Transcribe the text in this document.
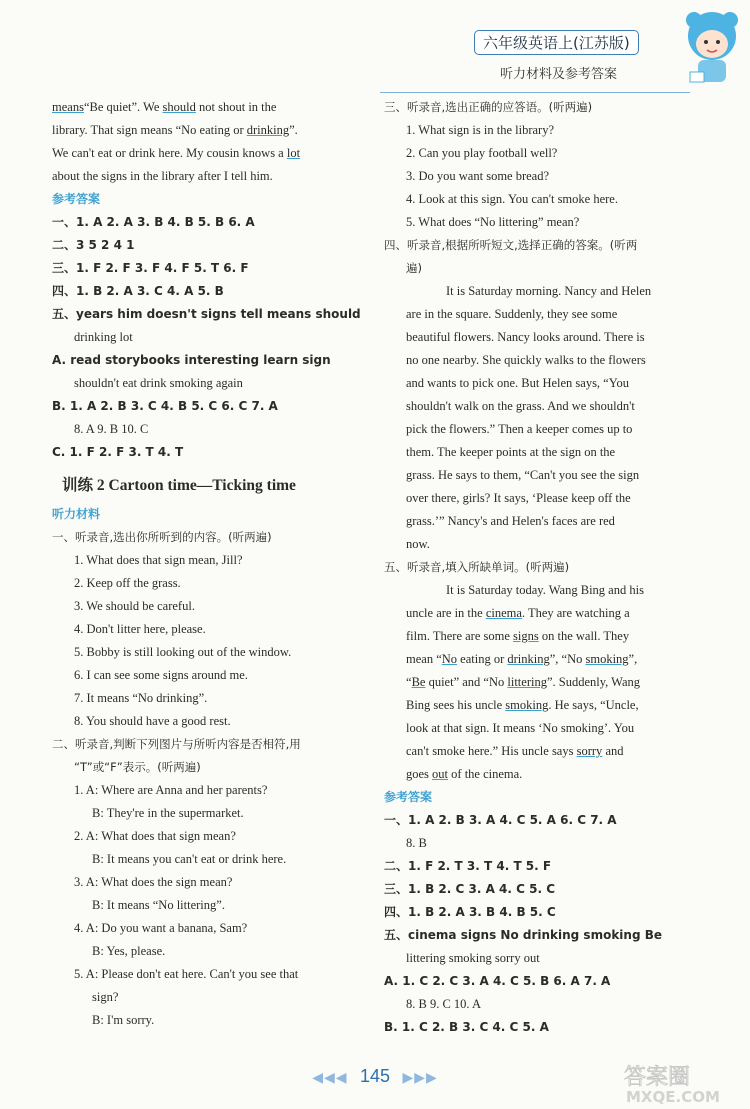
六年级英语上(江苏版)
听力材料及参考答案
means“Be quiet”. We should not shout in the
library. That sign means “No eating or drinking”.
We can't eat or drink here. My cousin knows a lot
about the signs in the library after I tell him.
参考答案
一、1. A 2. A 3. B 4. B 5. B 6. A
二、3 5 2 4 1
三、1. F 2. F 3. F 4. F 5. T 6. F
四、1. B 2. A 3. C 4. A 5. B
五、years him doesn't signs tell means should
drinking lot
A. read storybooks interesting learn sign
shouldn't eat drink smoking again
B. 1. A 2. B 3. C 4. B 5. C 6. C 7. A
8. A 9. B 10. C
C. 1. F 2. F 3. T 4. T
训练 2 Cartoon time—Ticking time
听力材料
一、听录音,选出你所听到的内容。(听两遍)
1. What does that sign mean, Jill?
2. Keep off the grass.
3. We should be careful.
4. Don't litter here, please.
5. Bobby is still looking out of the window.
6. I can see some signs around me.
7. It means “No drinking”.
8. You should have a good rest.
二、听录音,判断下列图片与所听内容是否相符,用
“T”或“F”表示。(听两遍)
1. A: Where are Anna and her parents?
B: They're in the supermarket.
2. A: What does that sign mean?
B: It means you can't eat or drink here.
3. A: What does the sign mean?
B: It means “No littering”.
4. A: Do you want a banana, Sam?
B: Yes, please.
5. A: Please don't eat here. Can't you see that
sign?
B: I'm sorry.
三、听录音,选出正确的应答语。(听两遍)
1. What sign is in the library?
2. Can you play football well?
3. Do you want some bread?
4. Look at this sign. You can't smoke here.
5. What does “No littering” mean?
四、听录音,根据所听短文,选择正确的答案。(听两
遍)
It is Saturday morning. Nancy and Helen
are in the square. Suddenly, they see some
beautiful flowers. Nancy looks around. There is
no one nearby. She quickly walks to the flowers
and wants to pick one. But Helen says, “You
shouldn't walk on the grass. And we shouldn't
pick the flowers.” Then a keeper comes up to
them. The keeper points at the sign on the
grass. He says to them, “Can't you see the sign
over there, girls? It says, ‘Please keep off the
grass.’” Nancy's and Helen's faces are red
now.
五、听录音,填入所缺单词。(听两遍)
It is Saturday today. Wang Bing and his
uncle are in the cinema. They are watching a
film. There are some signs on the wall. They
mean “No eating or drinking”, “No smoking”,
“Be quiet” and “No littering”. Suddenly, Wang
Bing sees his uncle smoking. He says, “Uncle,
look at that sign. It means ‘No smoking’. You
can't smoke here.” His uncle says sorry and
goes out of the cinema.
参考答案
一、1. A 2. B 3. A 4. C 5. A 6. C 7. A
8. B
二、1. F 2. T 3. T 4. T 5. F
三、1. B 2. C 3. A 4. C 5. C
四、1. B 2. A 3. B 4. B 5. C
五、cinema signs No drinking smoking Be
littering smoking sorry out
A. 1. C 2. C 3. A 4. C 5. B 6. A 7. A
8. B 9. C 10. A
B. 1. C 2. B 3. C 4. C 5. A
◀◀◀ 145 ▶▶▶	答案圈
MXQE.COM
